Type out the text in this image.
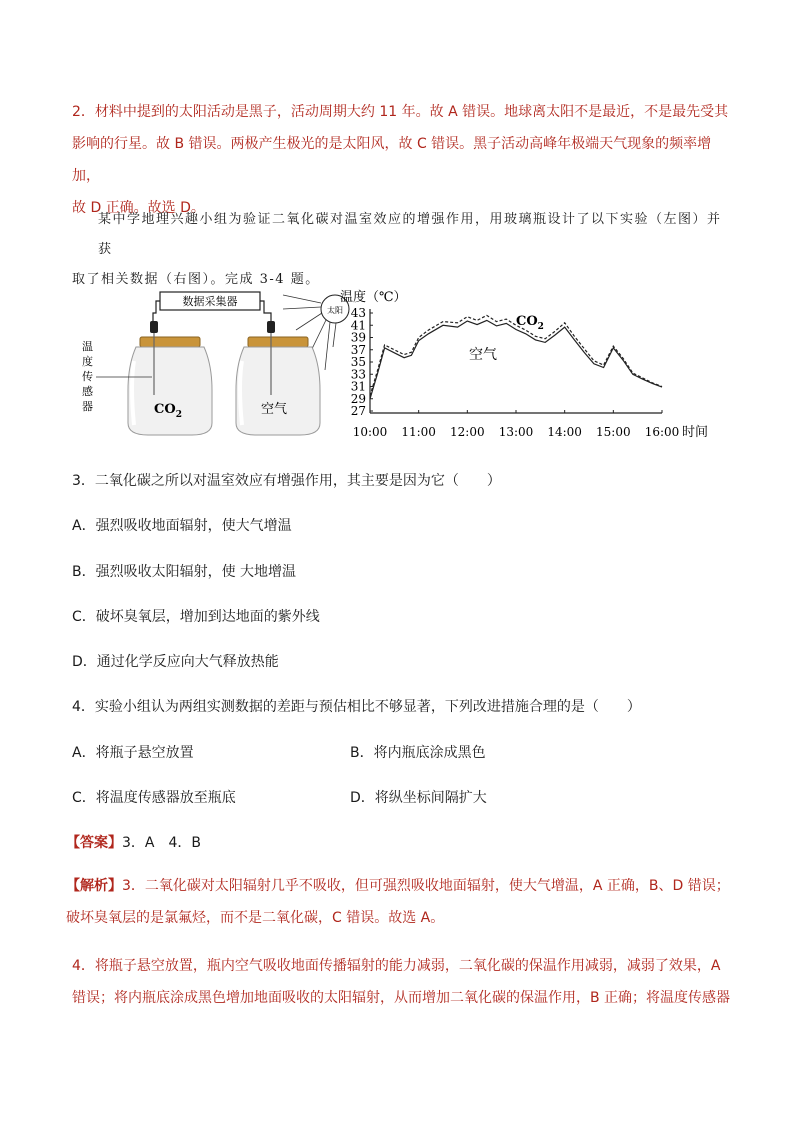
2．材料中提到的太阳活动是黑子，活动周期大约 11 年。故 A 错误。地球离太阳不是最近，不是最先受其
影响的行星。故 B 错误。两极产生极光的是太阳风，故 C 错误。黑子活动高峰年极端天气现象的频率增加，
故 D 正确。故选 D。
某中学地理兴趣小组为验证二氧化碳对温室效应的增强作用，用玻璃瓶设计了以下实验（左图）并获
取了相关数据（右图）。完成 3-4 题。
数据采集器
太阳
$CO_2$
温
度
传
感
器	空气
温度（℃）
43
41
39
37
35
33
31
29
27
10:00 11:00 12:00 13:00 14:00 15:00 16:00 时间
$CO_2$
空气
3．二氧化碳之所以对温室效应有增强作用，其主要是因为它（　　）
A．强烈吸收地面辐射，使大气增温
B．强烈吸收太阳辐射，使 大地增温
C．破坏臭氧层，增加到达地面的紫外线
D．通过化学反应向大气释放热能
4．实验小组认为两组实测数据的差距与预估相比不够显著，下列改进措施合理的是（　　）
A．将瓶子悬空放置	B．将内瓶底涂成黑色
C．将温度传感器放至瓶底	D．将纵坐标间隔扩大
【答案】3．A　4．B
【解析】3．二氧化碳对太阳辐射几乎不吸收，但可强烈吸收地面辐射，使大气增温，A 正确，B、D 错误；
破坏臭氧层的是氯氟烃，而不是二氧化碳，C 错误。故选 A。
4．将瓶子悬空放置，瓶内空气吸收地面传播辐射的能力减弱，二氧化碳的保温作用减弱，减弱了效果，A
错误；将内瓶底涂成黑色增加地面吸收的太阳辐射，从而增加二氧化碳的保温作用，B 正确；将温度传感器
